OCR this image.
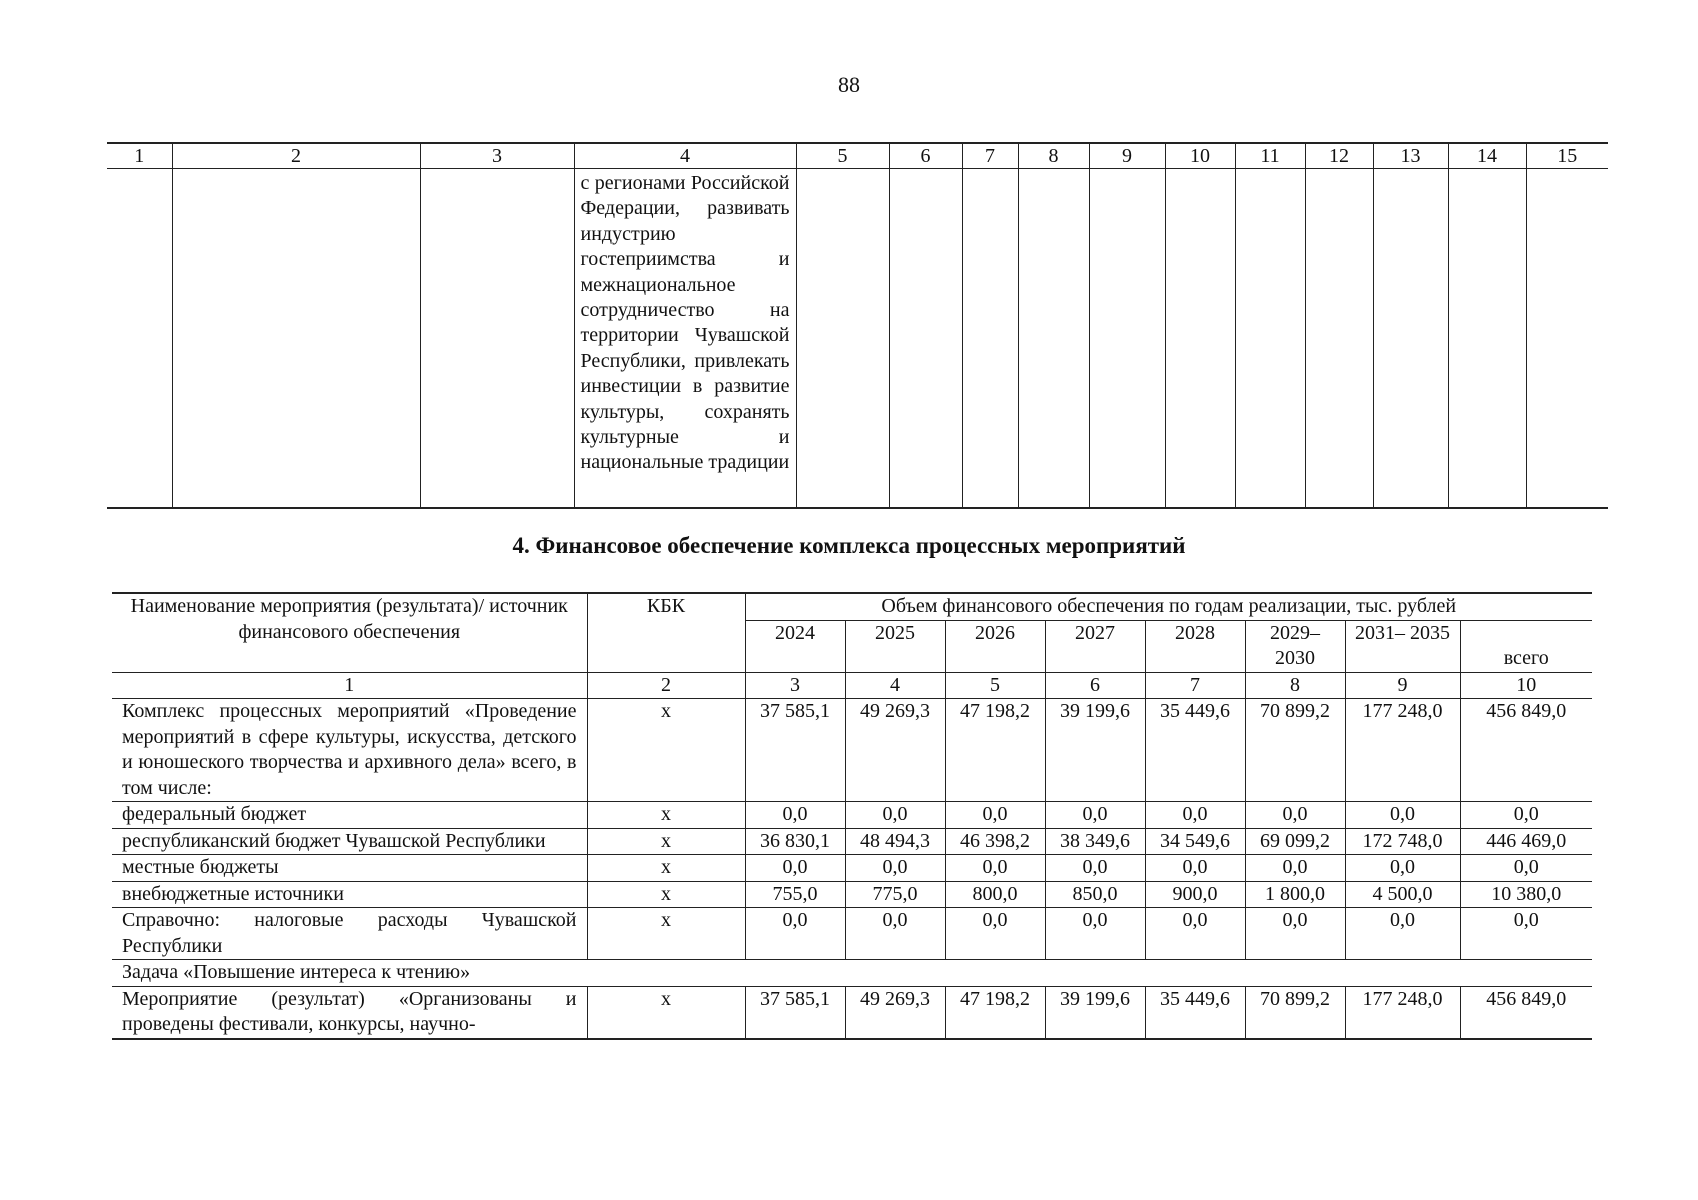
88
1	2	3	4	5	6	7	8	9	10	11	12	13	14	15
			с регионами Российской Федерации, развивать индустрию гостеприимства и межнациональное сотрудничество на территории Чувашской Республики, привлекать инвестиции в развитие культуры, сохранять культурные и национальные традиции											
4. Финансовое обеспечение комплекса процессных мероприятий
Наименование мероприятия (результата)/ источник финансового обеспечения	КБК	Объем финансового обеспечения по годам реализации, тыс. рублей							
		2024	2025	2026	2027	2028	2029– 2030	2031– 2035	всего
1	2	3	4	5	6	7	8	9	10
Комплекс процессных мероприятий «Проведение мероприятий в сфере культуры, искусства, детского и юношеского творчества и архивного дела» всего, в том числе:	x	37 585,1	49 269,3	47 198,2	39 199,6	35 449,6	70 899,2	177 248,0	456 849,0
федеральный бюджет	x	0,0	0,0	0,0	0,0	0,0	0,0	0,0	0,0
республиканский бюджет Чувашской Республики	x	36 830,1	48 494,3	46 398,2	38 349,6	34 549,6	69 099,2	172 748,0	446 469,0
местные бюджеты	x	0,0	0,0	0,0	0,0	0,0	0,0	0,0	0,0
внебюджетные источники	x	755,0	775,0	800,0	850,0	900,0	1 800,0	4 500,0	10 380,0
Справочно: налоговые расходы Чувашской Республики	x	0,0	0,0	0,0	0,0	0,0	0,0	0,0	0,0
Задача «Повышение интереса к чтению»									
Мероприятие (результат) «Организованы и проведены фестивали, конкурсы, научно-	x	37 585,1	49 269,3	47 198,2	39 199,6	35 449,6	70 899,2	177 248,0	456 849,0
